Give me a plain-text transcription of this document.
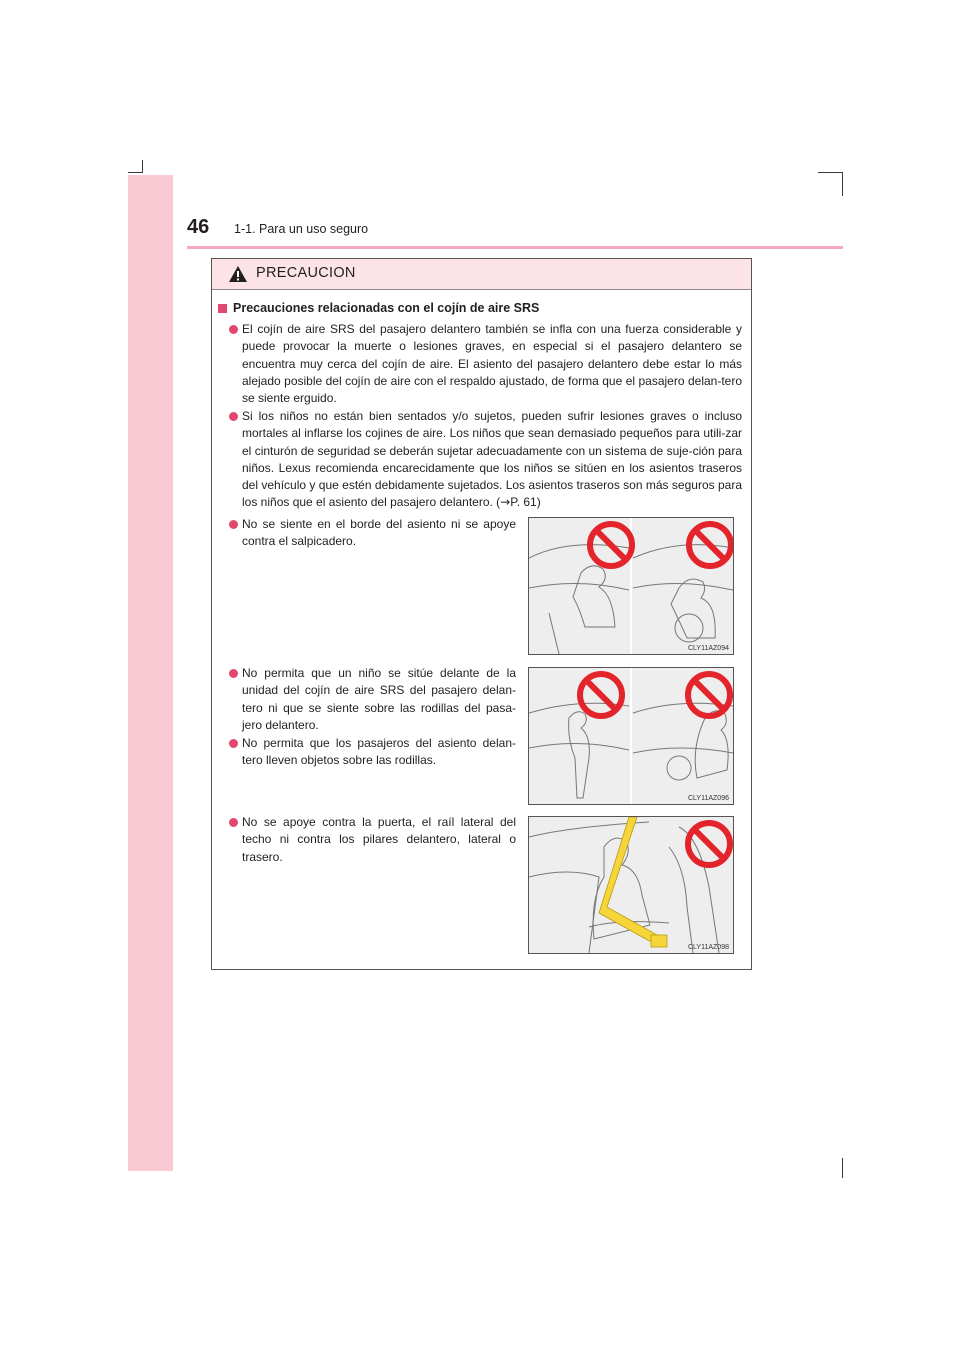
46 1-1. Para un uso seguro
PRECAUCION
Precauciones relacionadas con el cojín de aire SRS

El cojín de aire SRS del pasajero delantero también se infla con una fuerza considerable y puede provocar la muerte o lesiones graves, en especial si el pasajero delantero se encuentra muy cerca del cojín de aire. El asiento del pasajero delantero debe estar lo más alejado posible del cojín de aire con el respaldo ajustado, de forma que el pasajero delan-tero se siente erguido.

Si los niños no están bien sentados y/o sujetos, pueden sufrir lesiones graves o incluso mortales al inflarse los cojines de aire. Los niños que sean demasiado pequeños para utili-zar el cinturón de seguridad se deberán sujetar adecuadamente con un sistema de suje-ción para niños. Lexus recomienda encarecidamente que los niños se sitúen en los asientos traseros del vehículo y que estén debidamente sujetados. Los asientos traseros son más seguros para los niños que el asiento del pasajero delantero. (→P. 61)

No se siente en el borde del asiento ni se apoye contra el salpicadero.

No permita que un niño se sitúe delante de la unidad del cojín de aire SRS del pasajero delan-tero ni que se siente sobre las rodillas del pasa-jero delantero.

No permita que los pasajeros del asiento delan-tero lleven objetos sobre las rodillas.

No se apoye contra la puerta, el raíl lateral del techo ni contra los pilares delantero, lateral o trasero.

CLY11AZ094
CLY11AZ096
CLY11AZ098
